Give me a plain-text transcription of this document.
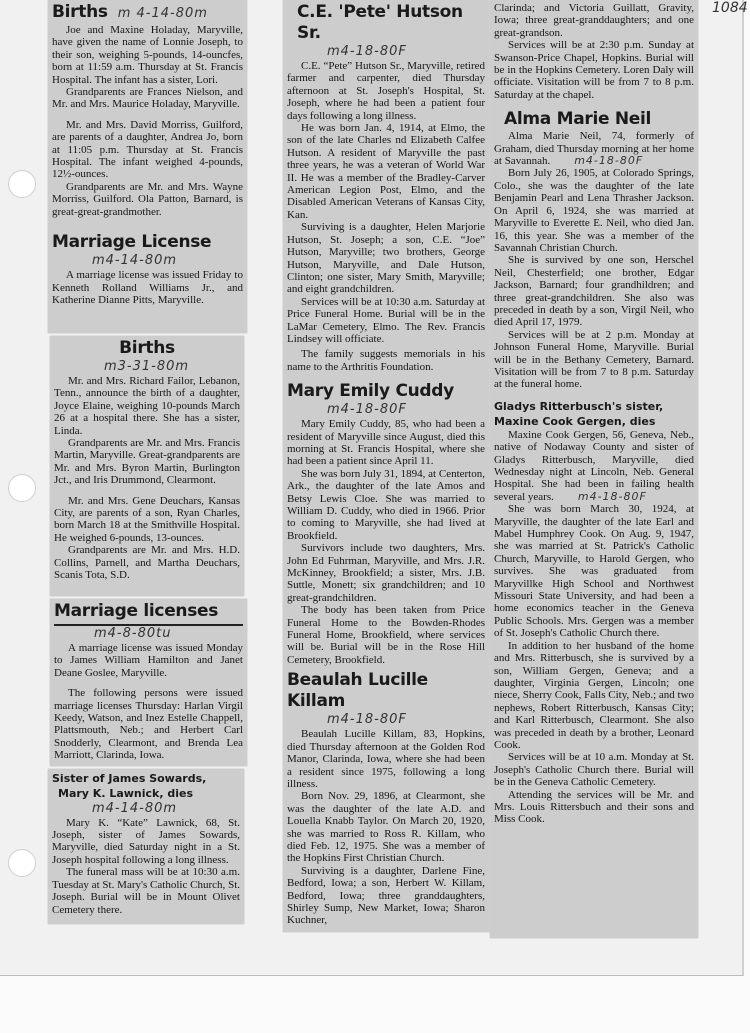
1084
Births m 4-14-80m

Joe and Maxine Holaday, Maryville, have given the name of Lonnie Joseph, to their son, weighing 5-pounds, 14-ouncfes, born at 11:59 a.m. Thursday at St. Francis Hospital. The infant has a sister, Lori.

Grandparents are Frances Nielson, and Mr. and Mrs. Maurice Holaday, Maryville.

Mr. and Mrs. David Morriss, Guilford, are parents of a daughter, Andrea Jo, born at 11:05 p.m. Thursday at St. Francis Hospital. The infant weighed 4-pounds, 12½-ounces.

Grandparents are Mr. and Mrs. Wayne Morriss, Guilford. Ola Patton, Barnard, is great-great-grandmother.

Marriage License
m4-14-80m

A marriage license was issued Friday to Kenneth Rolland Williams Jr., and Katherine Dianne Pitts, Maryville.

Births
m3-31-80m

Mr. and Mrs. Richard Failor, Lebanon, Tenn., announce the birth of a daughter, Joyce Elaine, weighing 10-pounds March 26 at a hospital there. She has a sister, Linda.

Grandparents are Mr. and Mrs. Francis Martin, Maryville. Great-grandparents are Mr. and Mrs. Byron Martin, Burlington Jct., and Iris Drummond, Clearmont.

Mr. and Mrs. Gene Deuchars, Kansas City, are parents of a son, Ryan Charles, born March 18 at the Smithville Hospital. He weighed 6-pounds, 13-ounces.

Grandparents are Mr. and Mrs. H.D. Collins, Parnell, and Martha Deuchars, Scanis Tota, S.D.

Marriage licenses
m4-8-80tu

A marriage license was issued Monday to James William Hamilton and Janet Deane Goslee, Maryville.

The following persons were issued marriage licenses Thursday: Harlan Virgil Keedy, Watson, and Inez Estelle Chappell, Plattsmouth, Neb.; and Herbert Carl Snodderly, Clearmont, and Brenda Lea Marriott, Clarinda, Iowa.

Sister of James Sowards,
Mary K. Lawnick, dies
m4-14-80m

Mary K. “Kate” Lawnick, 68, St. Joseph, sister of James Sowards, Maryville, died Saturday night in a St. Joseph hospital following a long illness.

The funeral mass will be at 10:30 a.m. Tuesday at St. Mary's Catholic Church, St. Joseph. Burial will be in Mount Olivet Cemetery there.

C.E. 'Pete' Hutson Sr.
m4-18-80F

C.E. “Pete” Hutson Sr., Maryville, retired farmer and carpenter, died Thursday afternoon at St. Joseph's Hospital, St. Joseph, where he had been a patient four days following a long illness.

He was born Jan. 4, 1914, at Elmo, the son of the late Charles nd Elizabeth Calfee Hutson. A resident of Maryville the past three years, he was a veteran of World War II. He was a member of the Bradley-Carver American Legion Post, Elmo, and the Disabled American Veterans of Kansas City, Kan.

Surviving is a daughter, Helen Marjorie Hutson, St. Joseph; a son, C.E. “Joe” Hutson, Maryville; two brothers, George Hutson, Maryville, and Dale Hutson, Clinton; one sister, Mary Smith, Maryville; and eight grandchildren.

Services will be at 10:30 a.m. Saturday at Price Funeral Home. Burial will be in the LaMar Cemetery, Elmo. The Rev. Francis Lindsey will officiate.

The family suggests memorials in his name to the Arthritis Foundation.

Mary Emily Cuddy
m4-18-80F

Mary Emily Cuddy, 85, who had been a resident of Maryville since August, died this morning at St. Francis Hospital, where she had been a patient since April 11.

She was born July 31, 1894, at Centerton, Ark., the daughter of the late Amos and Betsy Lewis Cloe. She was married to William D. Cuddy, who died in 1966. Prior to coming to Maryville, she had lived at Brookfield.

Survivors include two daughters, Mrs. John Ed Fuhrman, Maryville, and Mrs. J.R. McKinney, Brookfield; a sister, Mrs. J.B. Suttle, Monett; six grandchildren; and 10 great-grandchildren.

The body has been taken from Price Funeral Home to the Bowden-Rhodes Funeral Home, Brookfield, where services will be. Burial will be in the Rose Hill Cemetery, Brookfield.

Beaulah Lucille Killam
m4-18-80F

Beaulah Lucille Killam, 83, Hopkins, died Thursday afternoon at the Golden Rod Manor, Clarinda, Iowa, where she had been a resident since 1975, following a long illness.

Born Nov. 29, 1896, at Clearmont, she was the daughter of the late A.D. and Louella Knabb Taylor. On March 20, 1920, she was married to Ross R. Killam, who died Feb. 12, 1975. She was a member of the Hopkins First Christian Church.

Surviving is a daughter, Darlene Fine, Bedford, Iowa; a son, Herbert W. Killam, Bedford, Iowa; three granddaughters, Shirley Sump, New Market, Iowa; Sharon Kuchner,

Clarinda; and Victoria Guillatt, Gravity, Iowa; three great-granddaughters; and one great-grandson.

Services will be at 2:30 p.m. Sunday at Swanson-Price Chapel, Hopkins. Burial will be in the Hopkins Cemetery. Loren Daly will officiate. Visitation will be from 7 to 8 p.m. Saturday at the chapel.

Alma Marie Neil

Alma Marie Neil, 74, formerly of Graham, died Thursday morning at her home at Savannah. m4-18-80F

Born July 26, 1905, at Colorado Springs, Colo., she was the daughter of the late Benjamin Pearl and Lena Thrasher Jackson. On April 6, 1924, she was married at Maryville to Everette E. Neil, who died Jan. 16, this year. She was a member of the Savannah Christian Church.

She is survived by one son, Herschel Neil, Chesterfield; one brother, Edgar Jackson, Barnard; four grandhildren; and three great-grandchildren. She also was preceded in death by a son, Virgil Neil, who died April 17, 1979.

Services will be at 2 p.m. Monday at Johnson Funeral Home, Maryville. Burial will be in the Bethany Cemetery, Barnard. Visitation will be from 7 to 8 p.m. Saturday at the funeral home.

Gladys Ritterbusch's sister,
Maxine Cook Gergen, dies

Maxine Cook Gergen, 56, Geneva, Neb., native of Nodaway County and sister of Gladys Ritterbusch, Maryville, died Wednesday night at Lincoln, Neb. General Hospital. She had been in failing health several years. m4-18-80F

She was born March 30, 1924, at Maryville, the daughter of the late Earl and Mabel Humphrey Cook. On Aug. 9, 1947, she was married at St. Patrick's Catholic Church, Maryville, to Harold Gergen, who survives. She was graduated from Maryvillke High School and Northwest Missouri State University, and had been a home economics teacher in the Geneva Public Schools. Mrs. Gergen was a member of St. Joseph's Catholic Church there.

In addition to her husband of the home and Mrs. Ritterbusch, she is survived by a son, William Gergen, Geneva; and a daughter, Virginia Gergen, Lincoln; one niece, Sherry Cook, Falls City, Neb.; and two nephews, Robert Ritterbusch, Kansas City; and Karl Ritterbusch, Clearmont. She also was preceded in death by a brother, Leonard Cook.

Services will be at 10 a.m. Monday at St. Joseph's Catholic Church there. Burial will be in the Geneva Catholic Cemetery.

Attending the services will be Mr. and Mrs. Louis Rittersbuch and their sons and Miss Cook.
